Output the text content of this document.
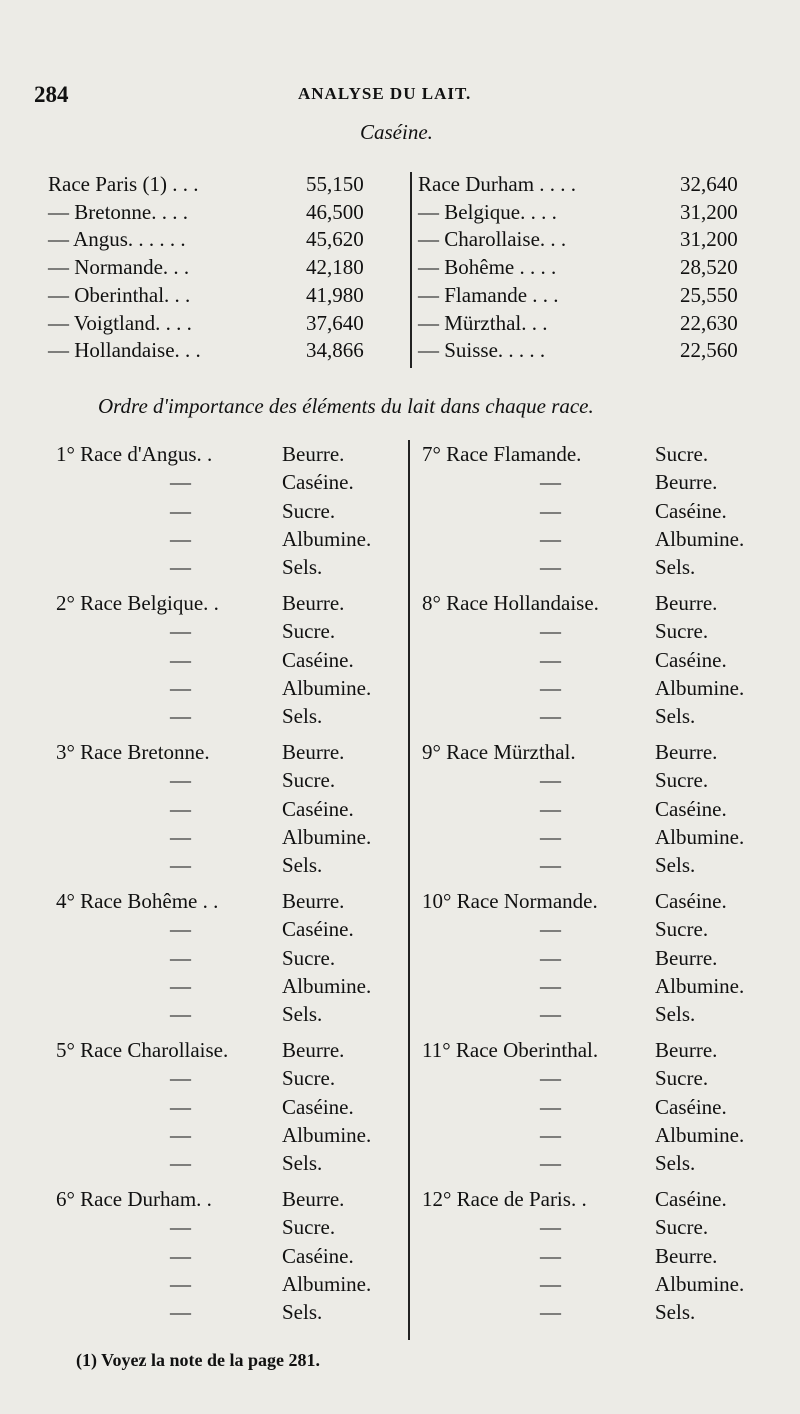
284	ANALYSE DU LAIT.
Caséine.
Race Paris (1) . . .	55,150
— Bretonne. . . .	46,500
— Angus. . . . . .	45,620
— Normande. . .	42,180
— Oberinthal. . .	41,980
— Voigtland. . . .	37,640
— Hollandaise. . .	34,866
Race Durham . . . .	32,640
— Belgique. . . .	31,200
— Charollaise. . .	31,200
— Bohême . . . .	28,520
— Flamande . . .	25,550
— Mürzthal. . .	22,630
— Suisse. . . . .	22,560
Ordre d'importance des éléments du lait dans chaque race.
1° Race d'Angus. .	Beurre.
—	Caséine.
—	Sucre.
—	Albumine.
—	Sels.
2° Race Belgique. .	Beurre.
—	Sucre.
—	Caséine.
—	Albumine.
—	Sels.
3° Race Bretonne.	Beurre.
—	Sucre.
—	Caséine.
—	Albumine.
—	Sels.
4° Race Bohême . .	Beurre.
—	Caséine.
—	Sucre.
—	Albumine.
—	Sels.
5° Race Charollaise.	Beurre.
—	Sucre.
—	Caséine.
—	Albumine.
—	Sels.
6° Race Durham. .	Beurre.
—	Sucre.
—	Caséine.
—	Albumine.
—	Sels.
7° Race Flamande.	Sucre.
—	Beurre.
—	Caséine.
—	Albumine.
—	Sels.
8° Race Hollandaise.	Beurre.
—	Sucre.
—	Caséine.
—	Albumine.
—	Sels.
9° Race Mürzthal.	Beurre.
—	Sucre.
—	Caséine.
—	Albumine.
—	Sels.
10° Race Normande.	Caséine.
—	Sucre.
—	Beurre.
—	Albumine.
—	Sels.
11° Race Oberinthal.	Beurre.
—	Sucre.
—	Caséine.
—	Albumine.
—	Sels.
12° Race de Paris. .	Caséine.
—	Sucre.
—	Beurre.
—	Albumine.
—	Sels.
(1) Voyez la note de la page 281.
